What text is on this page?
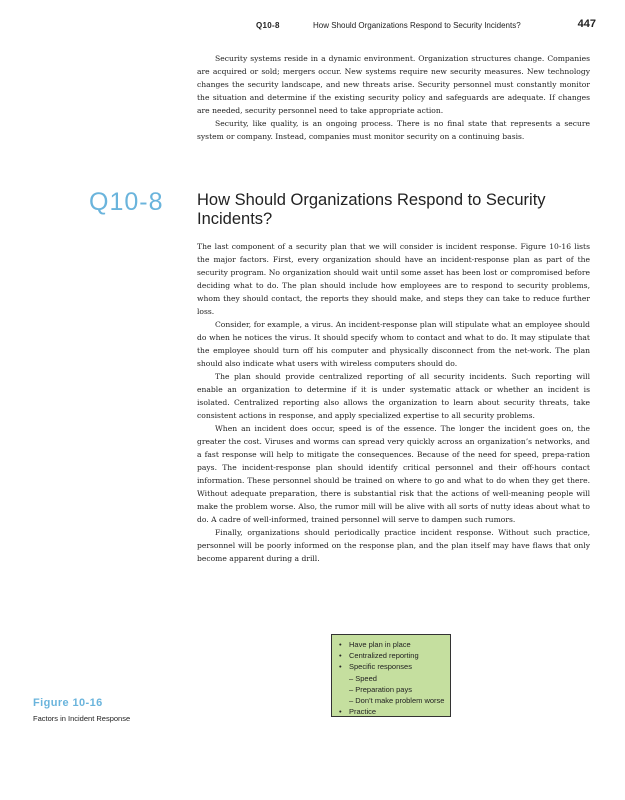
Q10-8	How Should Organizations Respond to Security Incidents?	447

Security systems reside in a dynamic environment. Organization structures change. Companies are acquired or sold; mergers occur. New systems require new security measures. New technology changes the security landscape, and new threats arise. Security personnel must constantly monitor the situation and determine if the existing security policy and safeguards are adequate. If changes are needed, security personnel need to take appropriate action.

Security, like quality, is an ongoing process. There is no final state that represents a secure system or company. Instead, companies must monitor security on a continuing basis.

Q10-8 How Should Organizations Respond to Security Incidents?

The last component of a security plan that we will consider is incident response. Figure 10-16 lists the major factors. First, every organization should have an incident-response plan as part of the security program. No organization should wait until some asset has been lost or compromised before deciding what to do. The plan should include how employees are to respond to security problems, whom they should contact, the reports they should make, and steps they can take to reduce further loss.

Consider, for example, a virus. An incident-response plan will stipulate what an employee should do when he notices the virus. It should specify whom to contact and what to do. It may stipulate that the employee should turn off his computer and physically disconnect from the net-work. The plan should also indicate what users with wireless computers should do.

The plan should provide centralized reporting of all security incidents. Such reporting will enable an organization to determine if it is under systematic attack or whether an incident is isolated. Centralized reporting also allows the organization to learn about security threats, take consistent actions in response, and apply specialized expertise to all security problems.

When an incident does occur, speed is of the essence. The longer the incident goes on, the greater the cost. Viruses and worms can spread very quickly across an organization’s networks, and a fast response will help to mitigate the consequences. Because of the need for speed, prepa-ration pays. The incident-response plan should identify critical personnel and their off-hours contact information. These personnel should be trained on where to go and what to do when they get there. Without adequate preparation, there is substantial risk that the actions of well-meaning people will make the problem worse. Also, the rumor mill will be alive with all sorts of nutty ideas about what to do. A cadre of well-informed, trained personnel will serve to dampen such rumors.

Finally, organizations should periodically practice incident response. Without such practice, personnel will be poorly informed on the response plan, and the plan itself may have flaws that only become apparent during a drill.

• Have plan in place
• Centralized reporting
• Specific responses
– Speed
– Preparation pays
– Don’t make problem worse
• Practice
Figure 10-16
Factors in Incident Response
